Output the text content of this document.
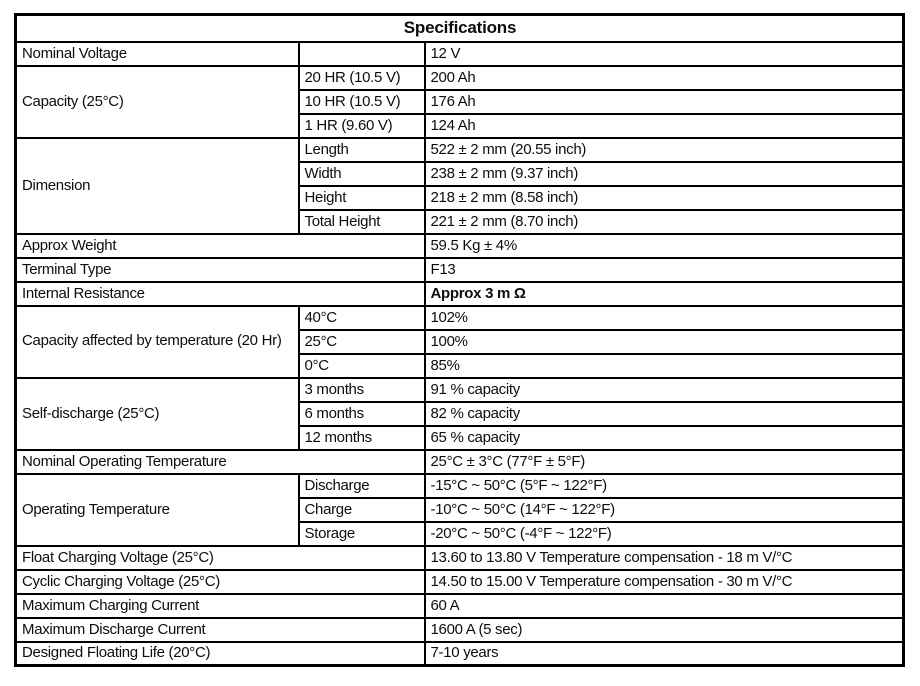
Specifications		
Nominal Voltage		12 V
Capacity (25°C)	20 HR (10.5 V)	200 Ah
	10 HR (10.5 V)	176 Ah
	1 HR (9.60 V)	124 Ah
Dimension	Length	522 ± 2 mm (20.55 inch)
	Width	238 ± 2 mm (9.37 inch)
	Height	218 ± 2 mm (8.58 inch)
	Total Height	221 ± 2 mm (8.70 inch)
Approx Weight		59.5 Kg ± 4%
Terminal Type		F13
Internal Resistance		Approx 3 m Ω
Capacity affected by temperature (20 Hr)	40°C	102%
	25°C	100%
	0°C	85%
Self-discharge (25°C)	3 months	91 % capacity
	6 months	82 % capacity
	12 months	65 % capacity
Nominal Operating Temperature		25°C ± 3°C (77°F ± 5°F)
Operating Temperature	Discharge	-15°C ~ 50°C (5°F ~ 122°F)
	Charge	-10°C ~ 50°C (14°F ~ 122°F)
	Storage	-20°C ~ 50°C (-4°F ~ 122°F)
Float Charging Voltage (25°C)		13.60 to 13.80 V Temperature compensation - 18 m V/°C
Cyclic Charging Voltage (25°C)		14.50 to 15.00 V Temperature compensation - 30 m V/°C
Maximum Charging Current		60 A
Maximum Discharge Current		1600 A (5 sec)
Designed Floating Life (20°C)		7-10 years
